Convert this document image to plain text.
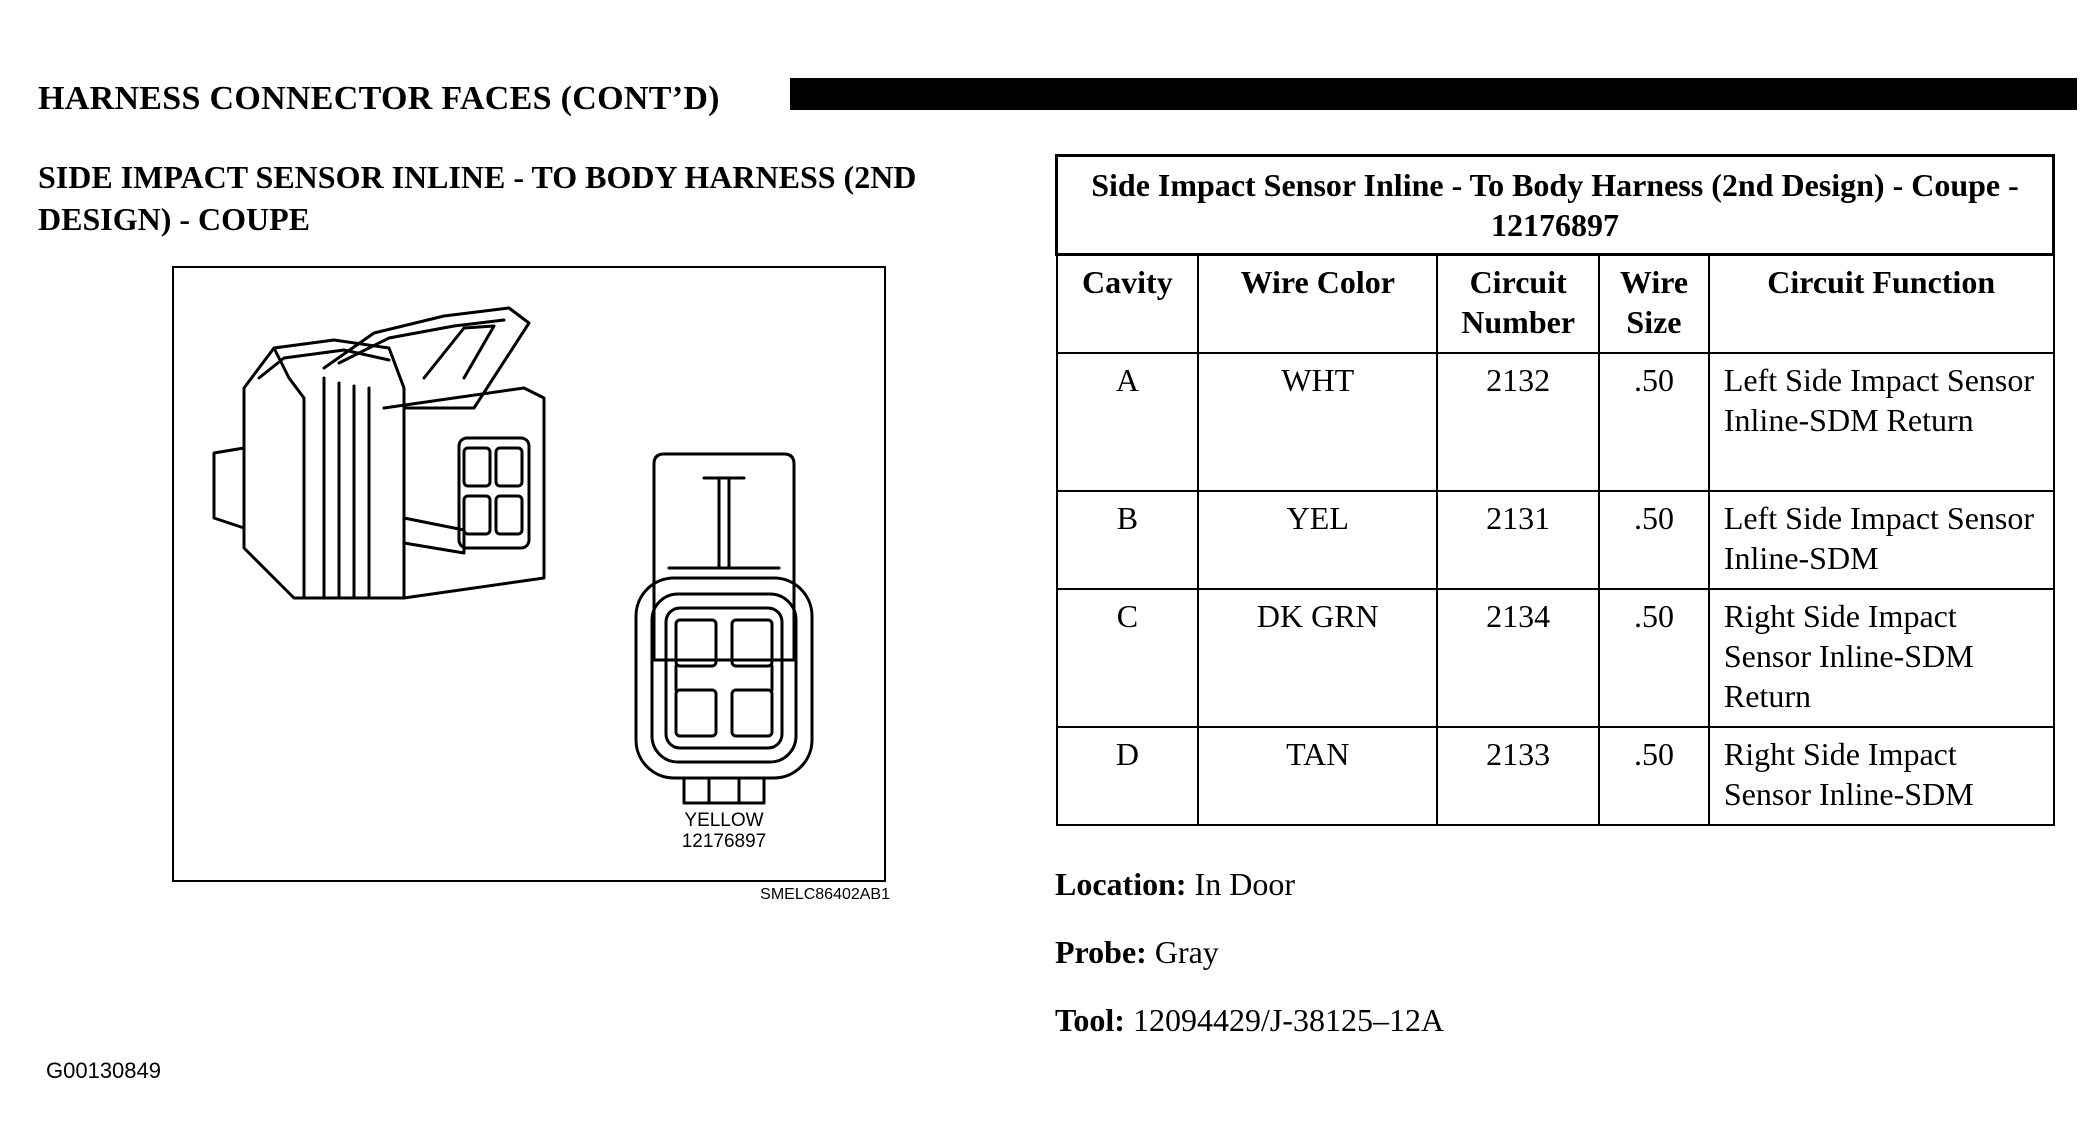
HARNESS CONNECTOR FACES (CONT’D)
SIDE IMPACT SENSOR INLINE - TO BODY HARNESS (2ND DESIGN) - COUPE
YELLOW
12176897
SMELC86402AB1
Side Impact Sensor Inline - To Body Harness (2nd Design) - Coupe - 12176897				
Cavity	Wire Color	Circuit Number	Wire Size	Circuit Function
A	WHT	2132	.50	Left Side Impact Sensor Inline-SDM Return
B	YEL	2131	.50	Left Side Impact Sensor Inline-SDM
C	DK GRN	2134	.50	Right Side Impact Sensor Inline-SDM Return
D	TAN	2133	.50	Right Side Impact Sensor Inline-SDM
Location: In Door
Probe: Gray
Tool: 12094429/J-38125–12A
G00130849
